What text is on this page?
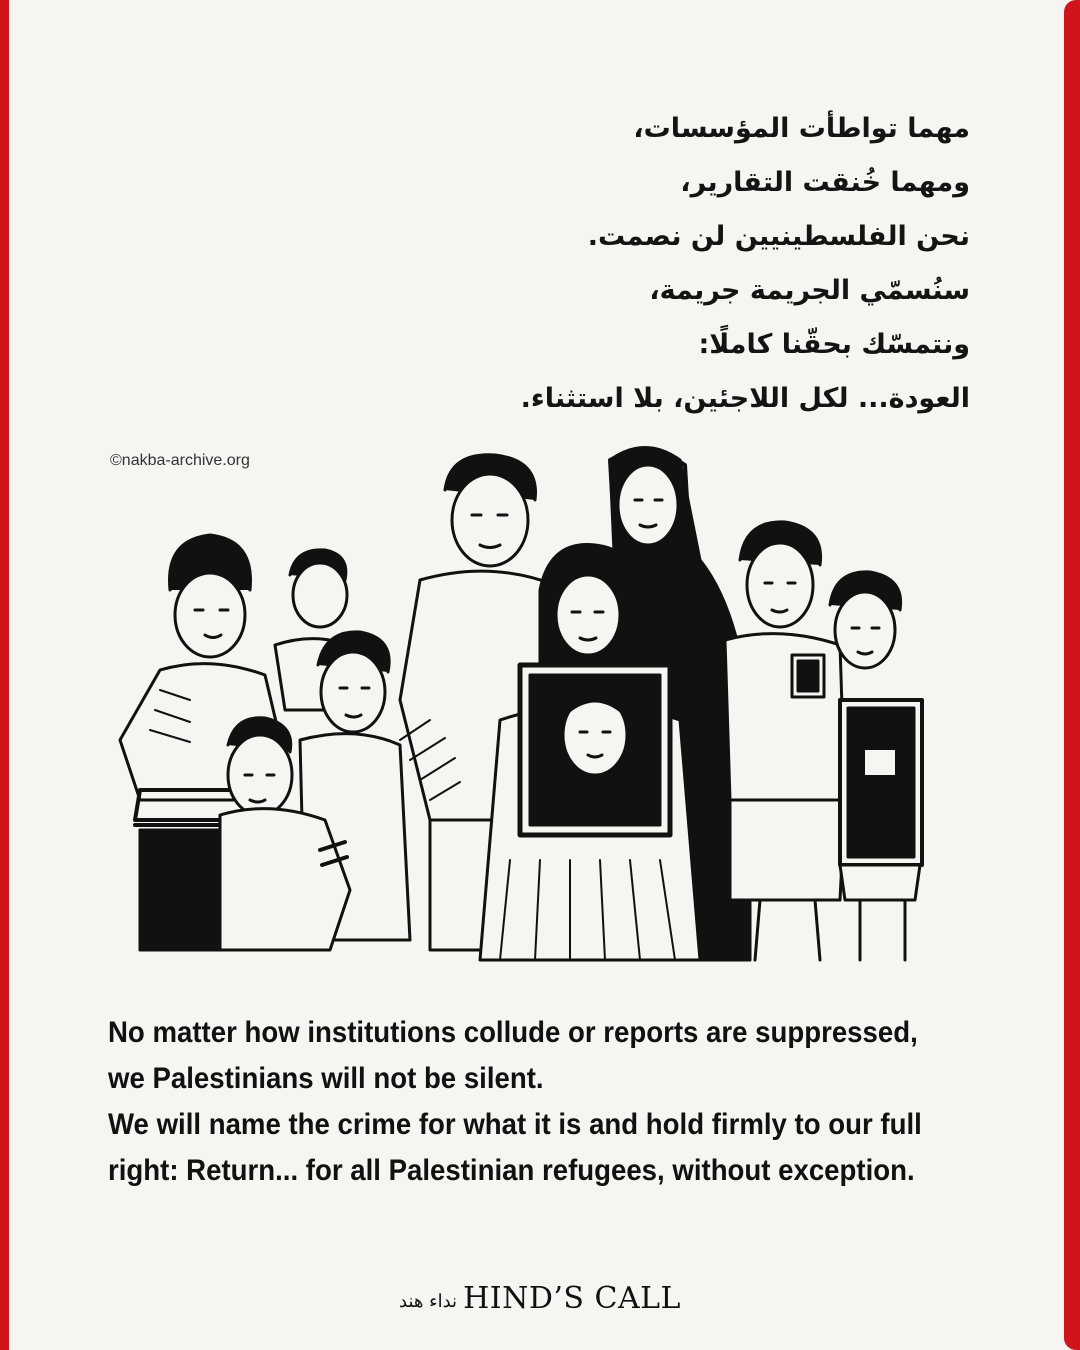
مهما تواطأت المؤسسات،
ومهما خُنقت التقارير،
نحن الفلسطينيين لن نصمت.
سنُسمّي الجريمة جريمة،
ونتمسّك بحقّنا كاملًا:
العودة... لكل اللاجئين، بلا استثناء.
©nakba-archive.org
No matter how institutions collude or reports are suppressed,
we Palestinians will not be silent.
We will name the crime for what it is and hold firmly to our full
right: Return... for all Palestinian refugees, without exception.
نداء هند HIND’S CALL
